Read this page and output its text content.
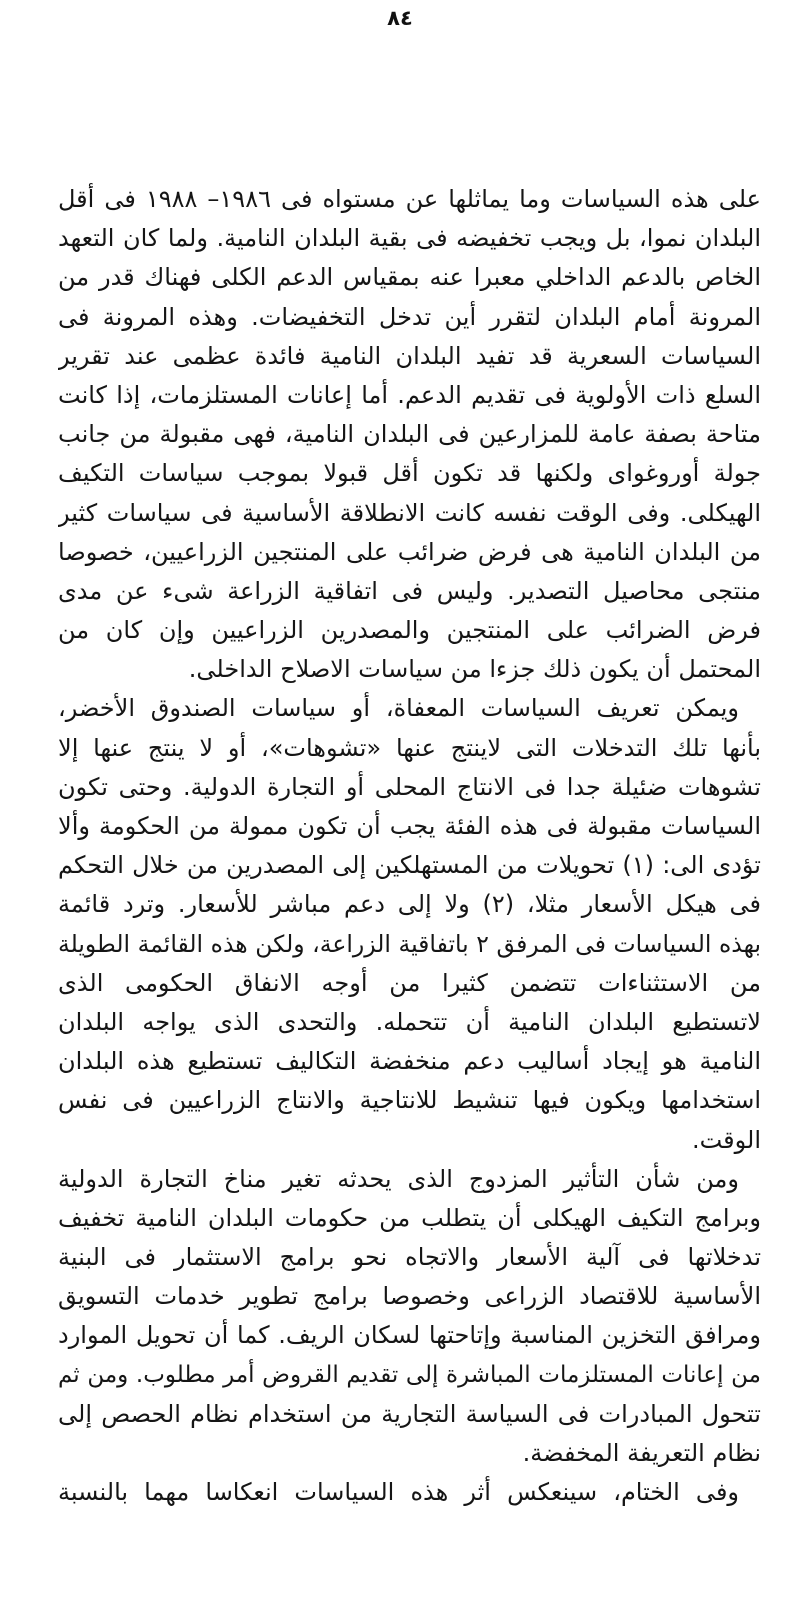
٨٤
على هذه السياسات وما يماثلها عن مستواه فى ١٩٨٦– ١٩٨٨ فى أقل
البلدان نموا، بل ويجب تخفيضه فى بقية البلدان النامية. ولما كان التعهد
الخاص بالدعم الداخلي معبرا عنه بمقياس الدعم الكلى فهناك قدر من
المرونة أمام البلدان لتقرر أين تدخل التخفيضات. وهذه المرونة فى
السياسات السعرية قد تفيد البلدان النامية فائدة عظمى عند تقرير
السلع ذات الأولوية فى تقديم الدعم. أما إعانات المستلزمات، إذا كانت
متاحة بصفة عامة للمزارعين فى البلدان النامية، فهى مقبولة من جانب
جولة أوروغواى ولكنها قد تكون أقل قبولا بموجب سياسات التكيف
الهيكلى. وفى الوقت نفسه كانت الانطلاقة الأساسية فى سياسات كثير
من البلدان النامية هى فرض ضرائب على المنتجين الزراعيين، خصوصا
منتجى محاصيل التصدير. وليس فى اتفاقية الزراعة شىء عن مدى
فرض الضرائب على المنتجين والمصدرين الزراعيين وإن كان من
المحتمل أن يكون ذلك جزءا من سياسات الاصلاح الداخلى.
ويمكن تعريف السياسات المعفاة، أو سياسات الصندوق الأخضر،
بأنها تلك التدخلات التى لاينتج عنها «تشوهات»، أو لا ينتج عنها إلا
تشوهات ضئيلة جدا فى الانتاج المحلى أو التجارة الدولية. وحتى تكون
السياسات مقبولة فى هذه الفئة يجب أن تكون ممولة من الحكومة وألا
تؤدى الى: (١) تحويلات من المستهلكين إلى المصدرين من خلال التحكم
فى هيكل الأسعار مثلا، (٢) ولا إلى دعم مباشر للأسعار. وترد قائمة
بهذه السياسات فى المرفق ٢ باتفاقية الزراعة، ولكن هذه القائمة الطويلة
من الاستثناءات تتضمن كثيرا من أوجه الانفاق الحكومى الذى
لاتستطيع البلدان النامية أن تتحمله. والتحدى الذى يواجه البلدان
النامية هو إيجاد أساليب دعم منخفضة التكاليف تستطيع هذه البلدان
استخدامها ويكون فيها تنشيط للانتاجية والانتاج الزراعيين فى نفس
الوقت.
ومن شأن التأثير المزدوج الذى يحدثه تغير مناخ التجارة الدولية
وبرامج التكيف الهيكلى أن يتطلب من حكومات البلدان النامية تخفيف
تدخلاتها فى آلية الأسعار والاتجاه نحو برامج الاستثمار فى البنية
الأساسية للاقتصاد الزراعى وخصوصا برامج تطوير خدمات التسويق
ومرافق التخزين المناسبة وإتاحتها لسكان الريف. كما أن تحويل الموارد
من إعانات المستلزمات المباشرة إلى تقديم القروض أمر مطلوب. ومن ثم
تتحول المبادرات فى السياسة التجارية من استخدام نظام الحصص إلى
نظام التعريفة المخفضة.
وفى الختام، سينعكس أثر هذه السياسات انعكاسا مهما بالنسبة
